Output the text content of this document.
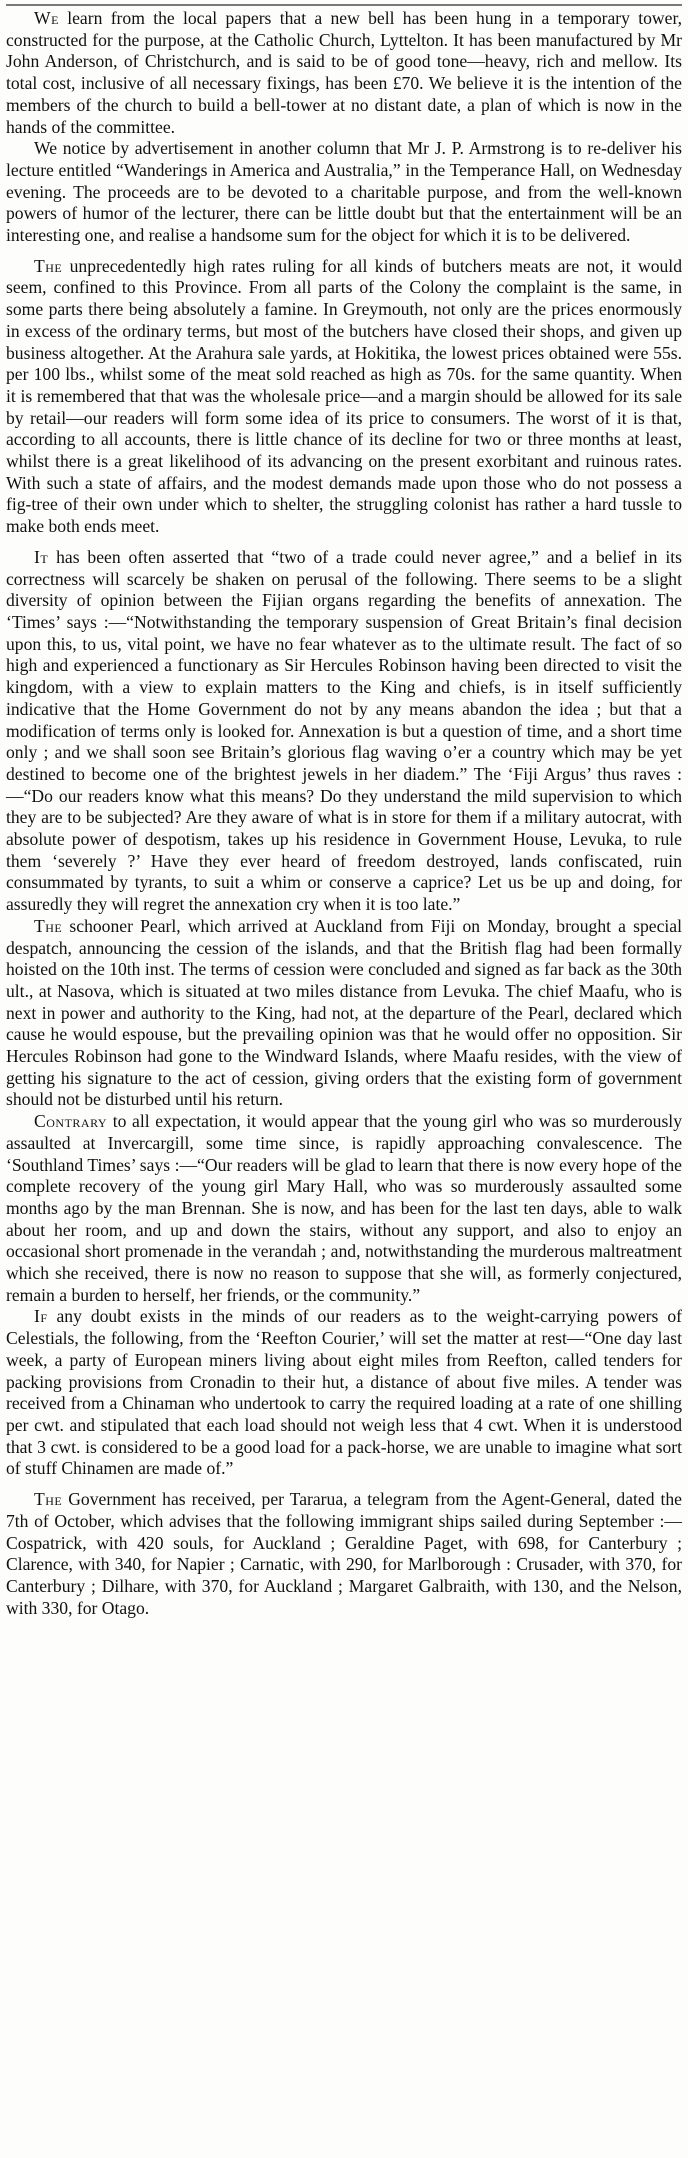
We learn from the local papers that a new bell has been hung in a temporary tower, constructed for the purpose, at the Catholic Church, Lyttelton. It has been manufactured by Mr John Anderson, of Christchurch, and is said to be of good tone—heavy, rich and mellow. Its total cost, inclusive of all necessary fixings, has been £70. We believe it is the intention of the members of the church to build a bell-tower at no distant date, a plan of which is now in the hands of the committee.

We notice by advertisement in another column that Mr J. P. Armstrong is to re-deliver his lecture entitled “Wanderings in America and Australia,” in the Temperance Hall, on Wednesday evening. The proceeds are to be devoted to a charitable purpose, and from the well-known powers of humor of the lecturer, there can be little doubt but that the entertainment will be an interesting one, and realise a handsome sum for the object for which it is to be delivered.

The unprecedentedly high rates ruling for all kinds of butchers meats are not, it would seem, confined to this Province. From all parts of the Colony the complaint is the same, in some parts there being absolutely a famine. In Greymouth, not only are the prices enormously in excess of the ordinary terms, but most of the butchers have closed their shops, and given up business altogether. At the Arahura sale yards, at Hokitika, the lowest prices obtained were 55s. per 100 lbs., whilst some of the meat sold reached as high as 70s. for the same quantity. When it is remembered that that was the wholesale price—and a margin should be allowed for its sale by retail—our readers will form some idea of its price to consumers. The worst of it is that, according to all accounts, there is little chance of its decline for two or three months at least, whilst there is a great likelihood of its advancing on the present exorbitant and ruinous rates. With such a state of affairs, and the modest demands made upon those who do not possess a fig-tree of their own under which to shelter, the struggling colonist has rather a hard tussle to make both ends meet.

It has been often asserted that “two of a trade could never agree,” and a belief in its correctness will scarcely be shaken on perusal of the following. There seems to be a slight diversity of opinion between the Fijian organs regarding the benefits of annexation. The ‘Times’ says :—“Notwithstanding the temporary suspension of Great Britain’s final decision upon this, to us, vital point, we have no fear whatever as to the ultimate result. The fact of so high and experienced a functionary as Sir Hercules Robinson having been directed to visit the kingdom, with a view to explain matters to the King and chiefs, is in itself sufficiently indicative that the Home Government do not by any means abandon the idea ; but that a modification of terms only is looked for. Annexation is but a question of time, and a short time only ; and we shall soon see Britain’s glorious flag waving o’er a country which may be yet destined to become one of the brightest jewels in her diadem.” The ‘Fiji Argus’ thus raves :—“Do our readers know what this means? Do they understand the mild supervision to which they are to be subjected? Are they aware of what is in store for them if a military autocrat, with absolute power of despotism, takes up his residence in Government House, Levuka, to rule them ‘severely ?’ Have they ever heard of freedom destroyed, lands confiscated, ruin consummated by tyrants, to suit a whim or conserve a caprice? Let us be up and doing, for assuredly they will regret the annexation cry when it is too late.”

The schooner Pearl, which arrived at Auckland from Fiji on Monday, brought a special despatch, announcing the cession of the islands, and that the British flag had been formally hoisted on the 10th inst. The terms of cession were concluded and signed as far back as the 30th ult., at Nasova, which is situated at two miles distance from Levuka. The chief Maafu, who is next in power and authority to the King, had not, at the departure of the Pearl, declared which cause he would espouse, but the prevailing opinion was that he would offer no opposition. Sir Hercules Robinson had gone to the Windward Islands, where Maafu resides, with the view of getting his signature to the act of cession, giving orders that the existing form of government should not be disturbed until his return.

Contrary to all expectation, it would appear that the young girl who was so murderously assaulted at Invercargill, some time since, is rapidly approaching convalescence. The ‘Southland Times’ says :—“Our readers will be glad to learn that there is now every hope of the complete recovery of the young girl Mary Hall, who was so murderously assaulted some months ago by the man Brennan. She is now, and has been for the last ten days, able to walk about her room, and up and down the stairs, without any support, and also to enjoy an occasional short promenade in the verandah ; and, notwithstanding the murderous maltreatment which she received, there is now no reason to suppose that she will, as formerly conjectured, remain a burden to herself, her friends, or the community.”

If any doubt exists in the minds of our readers as to the weight-carrying powers of Celestials, the following, from the ‘Reefton Courier,’ will set the matter at rest—“One day last week, a party of European miners living about eight miles from Reefton, called tenders for packing provisions from Cronadin to their hut, a distance of about five miles. A tender was received from a Chinaman who undertook to carry the required loading at a rate of one shilling per cwt. and stipulated that each load should not weigh less that 4 cwt. When it is understood that 3 cwt. is considered to be a good load for a pack-horse, we are unable to imagine what sort of stuff Chinamen are made of.”

The Government has received, per Tararua, a telegram from the Agent-General, dated the 7th of October, which advises that the following immigrant ships sailed during September :—Cospatrick, with 420 souls, for Auckland ; Geraldine Paget, with 698, for Canterbury ; Clarence, with 340, for Napier ; Carnatic, with 290, for Marlborough : Crusader, with 370, for Canterbury ; Dilhare, with 370, for Auckland ; Margaret Galbraith, with 130, and the Nelson, with 330, for Otago.
